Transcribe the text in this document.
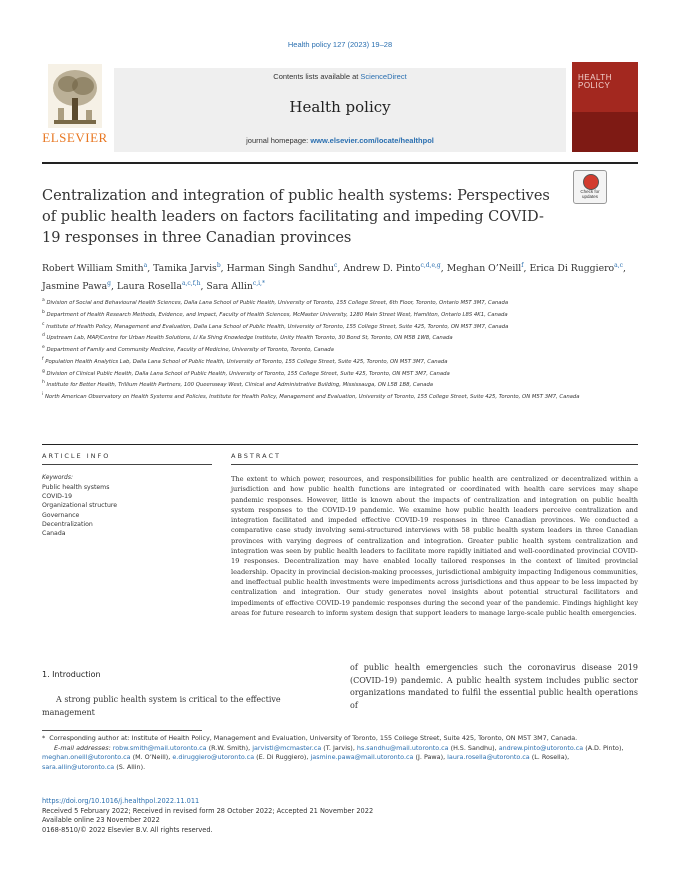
Health policy 127 (2023) 19–28
ELSEVIER
Contents lists available at ScienceDirect
Health policy
journal homepage: www.elsevier.com/locate/healthpol
HEALTH
POLICY
Centralization and integration of public health systems: Perspectives of public health leaders on factors facilitating and impeding COVID-19 responses in three Canadian provinces
Check for
updates
Robert William Smith$^a$, Tamika Jarvis$^b$, Harman Singh Sandhu$^c$, Andrew D. Pinto$^{c,d,e,g}$, Meghan O’Neill$^f$, Erica Di Ruggiero$^{a,c}$, Jasmine Pawa$^g$, Laura Rosella$^{a,c,f,h}$, Sara Allin$^{c,i,*}$
$^a$ Division of Social and Behavioural Health Sciences, Dalla Lana School of Public Health, University of Toronto, 155 College Street, 6th Floor, Toronto, Ontario M5T 3M7, Canada
$^b$ Department of Health Research Methods, Evidence, and Impact, Faculty of Health Sciences, McMaster University, 1280 Main Street West, Hamilton, Ontario L8S 4K1, Canada
$^c$ Institute of Health Policy, Management and Evaluation, Dalla Lana School of Public Health, University of Toronto, 155 College Street, Suite 425, Toronto, ON M5T 3M7, Canada
$^d$ Upstream Lab, MAP/Centre for Urban Health Solutions, Li Ka Shing Knowledge Institute, Unity Health Toronto, 30 Bond St, Toronto, ON M5B 1W8, Canada
$^e$ Department of Family and Community Medicine, Faculty of Medicine, University of Toronto, Toronto, Canada
$^f$ Population Health Analytics Lab, Dalla Lana School of Public Health, University of Toronto, 155 College Street, Suite 425, Toronto, ON M5T 3M7, Canada
$^g$ Division of Clinical Public Health, Dalla Lana School of Public Health, University of Toronto, 155 College Street, Suite 425, Toronto, ON M5T 3M7, Canada
$^h$ Institute for Better Health, Trillium Health Partners, 100 Queensway West, Clinical and Administrative Building, Mississauga, ON L5B 1B8, Canada
$^i$ North American Observatory on Health Systems and Policies, Institute for Health Policy, Management and Evaluation, University of Toronto, 155 College Street, Suite 425, Toronto, ON M5T 3M7, Canada
ARTICLE INFO
Keywords:
Public health systems
COVID-19
Organizational structure
Governance
Decentralization
Canada
ABSTRACT
The extent to which power, resources, and responsibilities for public health are centralized or decentralized within a jurisdiction and how public health functions are integrated or coordinated with health care services may shape pandemic responses. However, little is known about the impacts of centralization and integration on public health system responses to the COVID-19 pandemic. We examine how public health leaders perceive centralization and integration facilitated and impeded effective COVID-19 responses in three Canadian provinces. We conducted a comparative case study involving semi-structured interviews with 58 public health system leaders in three Canadian provinces with varying degrees of centralization and integration. Greater public health system centralization and integration was seen by public health leaders to facilitate more rapidly initiated and well-coordinated provincial COVID-19 responses. Decentralization may have enabled locally tailored responses in the context of limited provincial leadership. Opacity in provincial decision-making processes, jurisdictional ambiguity impacting Indigenous communities, and ineffectual public health investments were impediments across jurisdictions and thus appear to be less impacted by centralization and integration. Our study generates novel insights about potential structural facilitators and impediments of effective COVID-19 pandemic responses during the second year of the pandemic. Findings highlight key areas for future research to inform system design that support leaders to manage large-scale public health emergencies.
1. Introduction
A strong public health system is critical to the effective management
of public health emergencies such the coronavirus disease 2019 (COVID-19) pandemic. A public health system includes public sector organizations mandated to fulfil the essential public health operations of
*  Corresponding author at: Institute of Health Policy, Management and Evaluation, University of Toronto, 155 College Street, Suite 425, Toronto, ON M5T 3M7, Canada.
E-mail addresses: robw.smith@mail.utoronto.ca (R.W. Smith), jarvistl@mcmaster.ca (T. Jarvis), hs.sandhu@mail.utoronto.ca (H.S. Sandhu), andrew.pinto@utoronto.ca (A.D. Pinto), meghan.oneill@utoronto.ca (M. O’Neill), e.diruggiero@utoronto.ca (E. Di Ruggiero), jasmine.pawa@mail.utoronto.ca (J. Pawa), laura.rosella@utoronto.ca (L. Rosella), sara.allin@utoronto.ca (S. Allin).
https://doi.org/10.1016/j.healthpol.2022.11.011
Received 5 February 2022; Received in revised form 28 October 2022; Accepted 21 November 2022
Available online 23 November 2022
0168-8510/© 2022 Elsevier B.V. All rights reserved.
